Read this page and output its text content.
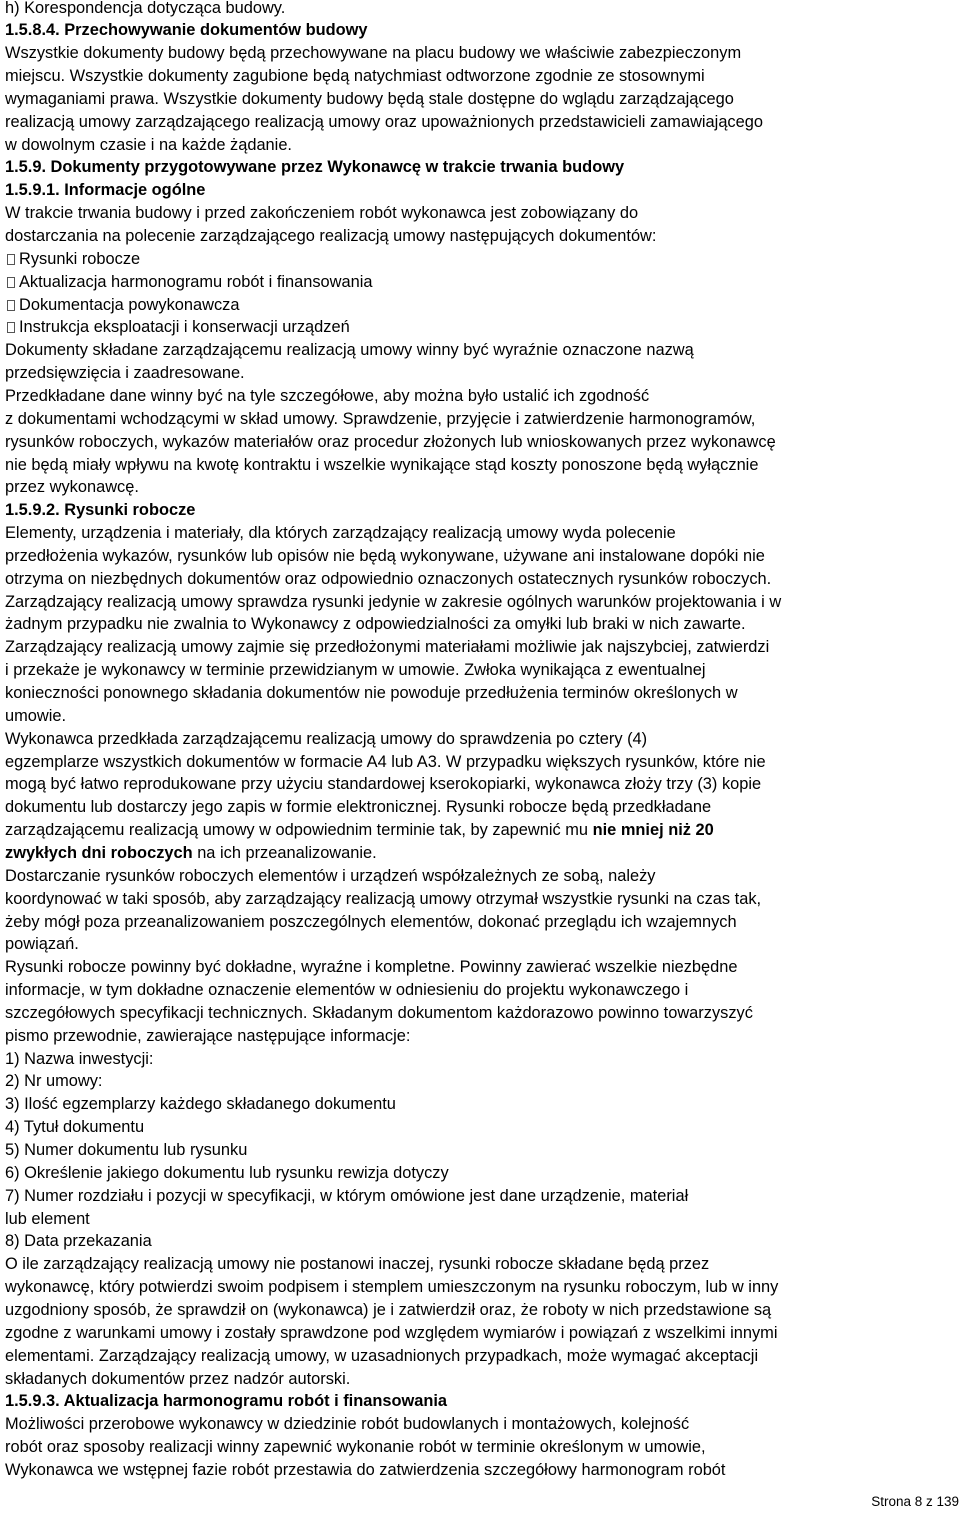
h) Korespondencja dotycząca budowy.
1.5.8.4. Przechowywanie dokumentów budowy
Wszystkie dokumenty budowy będą przechowywane na placu budowy we właściwie zabezpieczonym
miejscu. Wszystkie dokumenty zagubione będą natychmiast odtworzone zgodnie ze stosownymi
wymaganiami prawa. Wszystkie dokumenty budowy będą stale dostępne do wglądu zarządzającego
realizacją umowy zarządzającego realizacją umowy oraz upoważnionych przedstawicieli zamawiającego
w dowolnym czasie i na każde żądanie.
1.5.9. Dokumenty przygotowywane przez Wykonawcę w trakcie trwania budowy
1.5.9.1. Informacje ogólne
W trakcie trwania budowy i przed zakończeniem robót wykonawca jest zobowiązany do
dostarczania na polecenie zarządzającego realizacją umowy następujących dokumentów:
Rysunki robocze
Aktualizacja harmonogramu robót i finansowania
Dokumentacja powykonawcza
Instrukcja eksploatacji i konserwacji urządzeń
Dokumenty składane zarządzającemu realizacją umowy winny być wyraźnie oznaczone nazwą
przedsięwzięcia i zaadresowane.
Przedkładane dane winny być na tyle szczegółowe, aby można było ustalić ich zgodność
z dokumentami wchodzącymi w skład umowy. Sprawdzenie, przyjęcie i zatwierdzenie harmonogramów,
rysunków roboczych, wykazów materiałów oraz procedur złożonych lub wnioskowanych przez wykonawcę
nie będą miały wpływu na kwotę kontraktu i wszelkie wynikające stąd koszty ponoszone będą wyłącznie
przez wykonawcę.
1.5.9.2. Rysunki robocze
Elementy, urządzenia i materiały, dla których zarządzający realizacją umowy wyda polecenie
przedłożenia wykazów, rysunków lub opisów nie będą wykonywane, używane ani instalowane dopóki nie
otrzyma on niezbędnych dokumentów oraz odpowiednio oznaczonych ostatecznych rysunków roboczych.
Zarządzający realizacją umowy sprawdza rysunki jedynie w zakresie ogólnych warunków projektowania i w
żadnym przypadku nie zwalnia to Wykonawcy z odpowiedzialności za omyłki lub braki w nich zawarte.
Zarządzający realizacją umowy zajmie się przedłożonymi materiałami możliwie jak najszybciej, zatwierdzi
i przekaże je wykonawcy w terminie przewidzianym w umowie. Zwłoka wynikająca z ewentualnej
konieczności ponownego składania dokumentów nie powoduje przedłużenia terminów określonych w
umowie.
Wykonawca przedkłada zarządzającemu realizacją umowy do sprawdzenia po cztery (4)
egzemplarze wszystkich dokumentów w formacie A4 lub A3. W przypadku większych rysunków, które nie
mogą być łatwo reprodukowane przy użyciu standardowej kserokopiarki, wykonawca złoży trzy (3) kopie
dokumentu lub dostarczy jego zapis w formie elektronicznej. Rysunki robocze będą przedkładane
zarządzającemu realizacją umowy w odpowiednim terminie tak, by zapewnić mu nie mniej niż 20
zwykłych dni roboczych na ich przeanalizowanie.
Dostarczanie rysunków roboczych elementów i urządzeń współzależnych ze sobą, należy
koordynować w taki sposób, aby zarządzający realizacją umowy otrzymał wszystkie rysunki na czas tak,
żeby mógł poza przeanalizowaniem poszczególnych elementów, dokonać przeglądu ich wzajemnych
powiązań.
Rysunki robocze powinny być dokładne, wyraźne i kompletne. Powinny zawierać wszelkie niezbędne
informacje, w tym dokładne oznaczenie elementów w odniesieniu do projektu wykonawczego i
szczegółowych specyfikacji technicznych. Składanym dokumentom każdorazowo powinno towarzyszyć
pismo przewodnie, zawierające następujące informacje:
1) Nazwa inwestycji:
2) Nr umowy:
3) Ilość egzemplarzy każdego składanego dokumentu
4) Tytuł dokumentu
5) Numer dokumentu lub rysunku
6) Określenie jakiego dokumentu lub rysunku rewizja dotyczy
7) Numer rozdziału i pozycji w specyfikacji, w którym omówione jest dane urządzenie, materiał
lub element
8) Data przekazania
O ile zarządzający realizacją umowy nie postanowi inaczej, rysunki robocze składane będą przez
wykonawcę, który potwierdzi swoim podpisem i stemplem umieszczonym na rysunku roboczym, lub w inny
uzgodniony sposób, że sprawdził on (wykonawca) je i zatwierdził oraz, że roboty w nich przedstawione są
zgodne z warunkami umowy i zostały sprawdzone pod względem wymiarów i powiązań z wszelkimi innymi
elementami. Zarządzający realizacją umowy, w uzasadnionych przypadkach, może wymagać akceptacji
składanych dokumentów przez nadzór autorski.
1.5.9.3. Aktualizacja harmonogramu robót i finansowania
Możliwości przerobowe wykonawcy w dziedzinie robót budowlanych i montażowych, kolejność
robót oraz sposoby realizacji winny zapewnić wykonanie robót w terminie określonym w umowie,
Wykonawca we wstępnej fazie robót przestawia do zatwierdzenia szczegółowy harmonogram robót
Strona 8 z 139
